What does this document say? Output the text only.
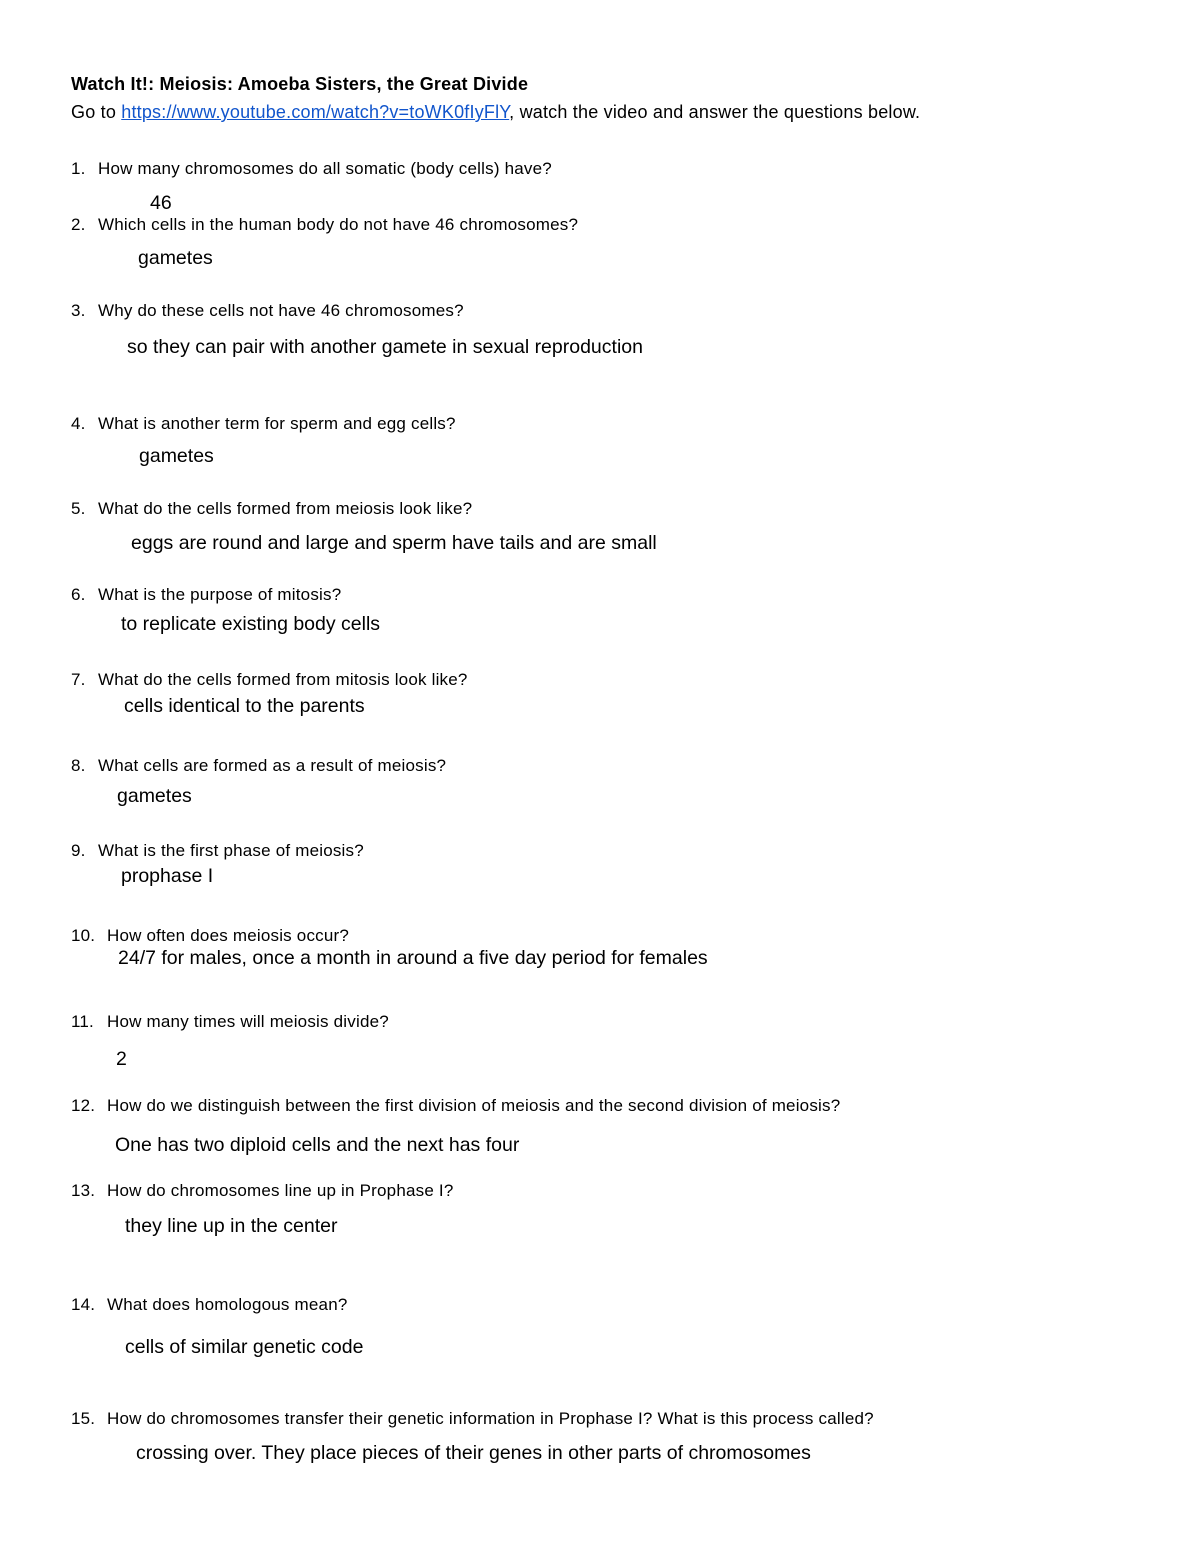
Watch It!: Meiosis: Amoeba Sisters, the Great Divide
Go to https://www.youtube.com/watch?v=toWK0fIyFlY, watch the video and answer the questions below.
1. How many chromosomes do all somatic (body cells) have?
46
2. Which cells in the human body do not have 46 chromosomes?
gametes
3. Why do these cells not have 46 chromosomes?
so they can pair with another gamete in sexual reproduction
4. What is another term for sperm and egg cells?
gametes
5. What do the cells formed from meiosis look like?
eggs are round and large and sperm have tails and are small
6. What is the purpose of mitosis?
to replicate existing body cells
7. What do the cells formed from mitosis look like?
cells identical to the parents
8. What cells are formed as a result of meiosis?
gametes
9. What is the first phase of meiosis?
prophase I
10. How often does meiosis occur?
24/7 for males, once a month in around a five day period for females
11. How many times will meiosis divide?
2
12. How do we distinguish between the first division of meiosis and the second division of meiosis?
One has two diploid cells and the next has four
13. How do chromosomes line up in Prophase I?
they line up in the center
14. What does homologous mean?
cells of similar genetic code
15. How do chromosomes transfer their genetic information in Prophase I? What is this process called?
crossing over. They place pieces of their genes in other parts of chromosomes
